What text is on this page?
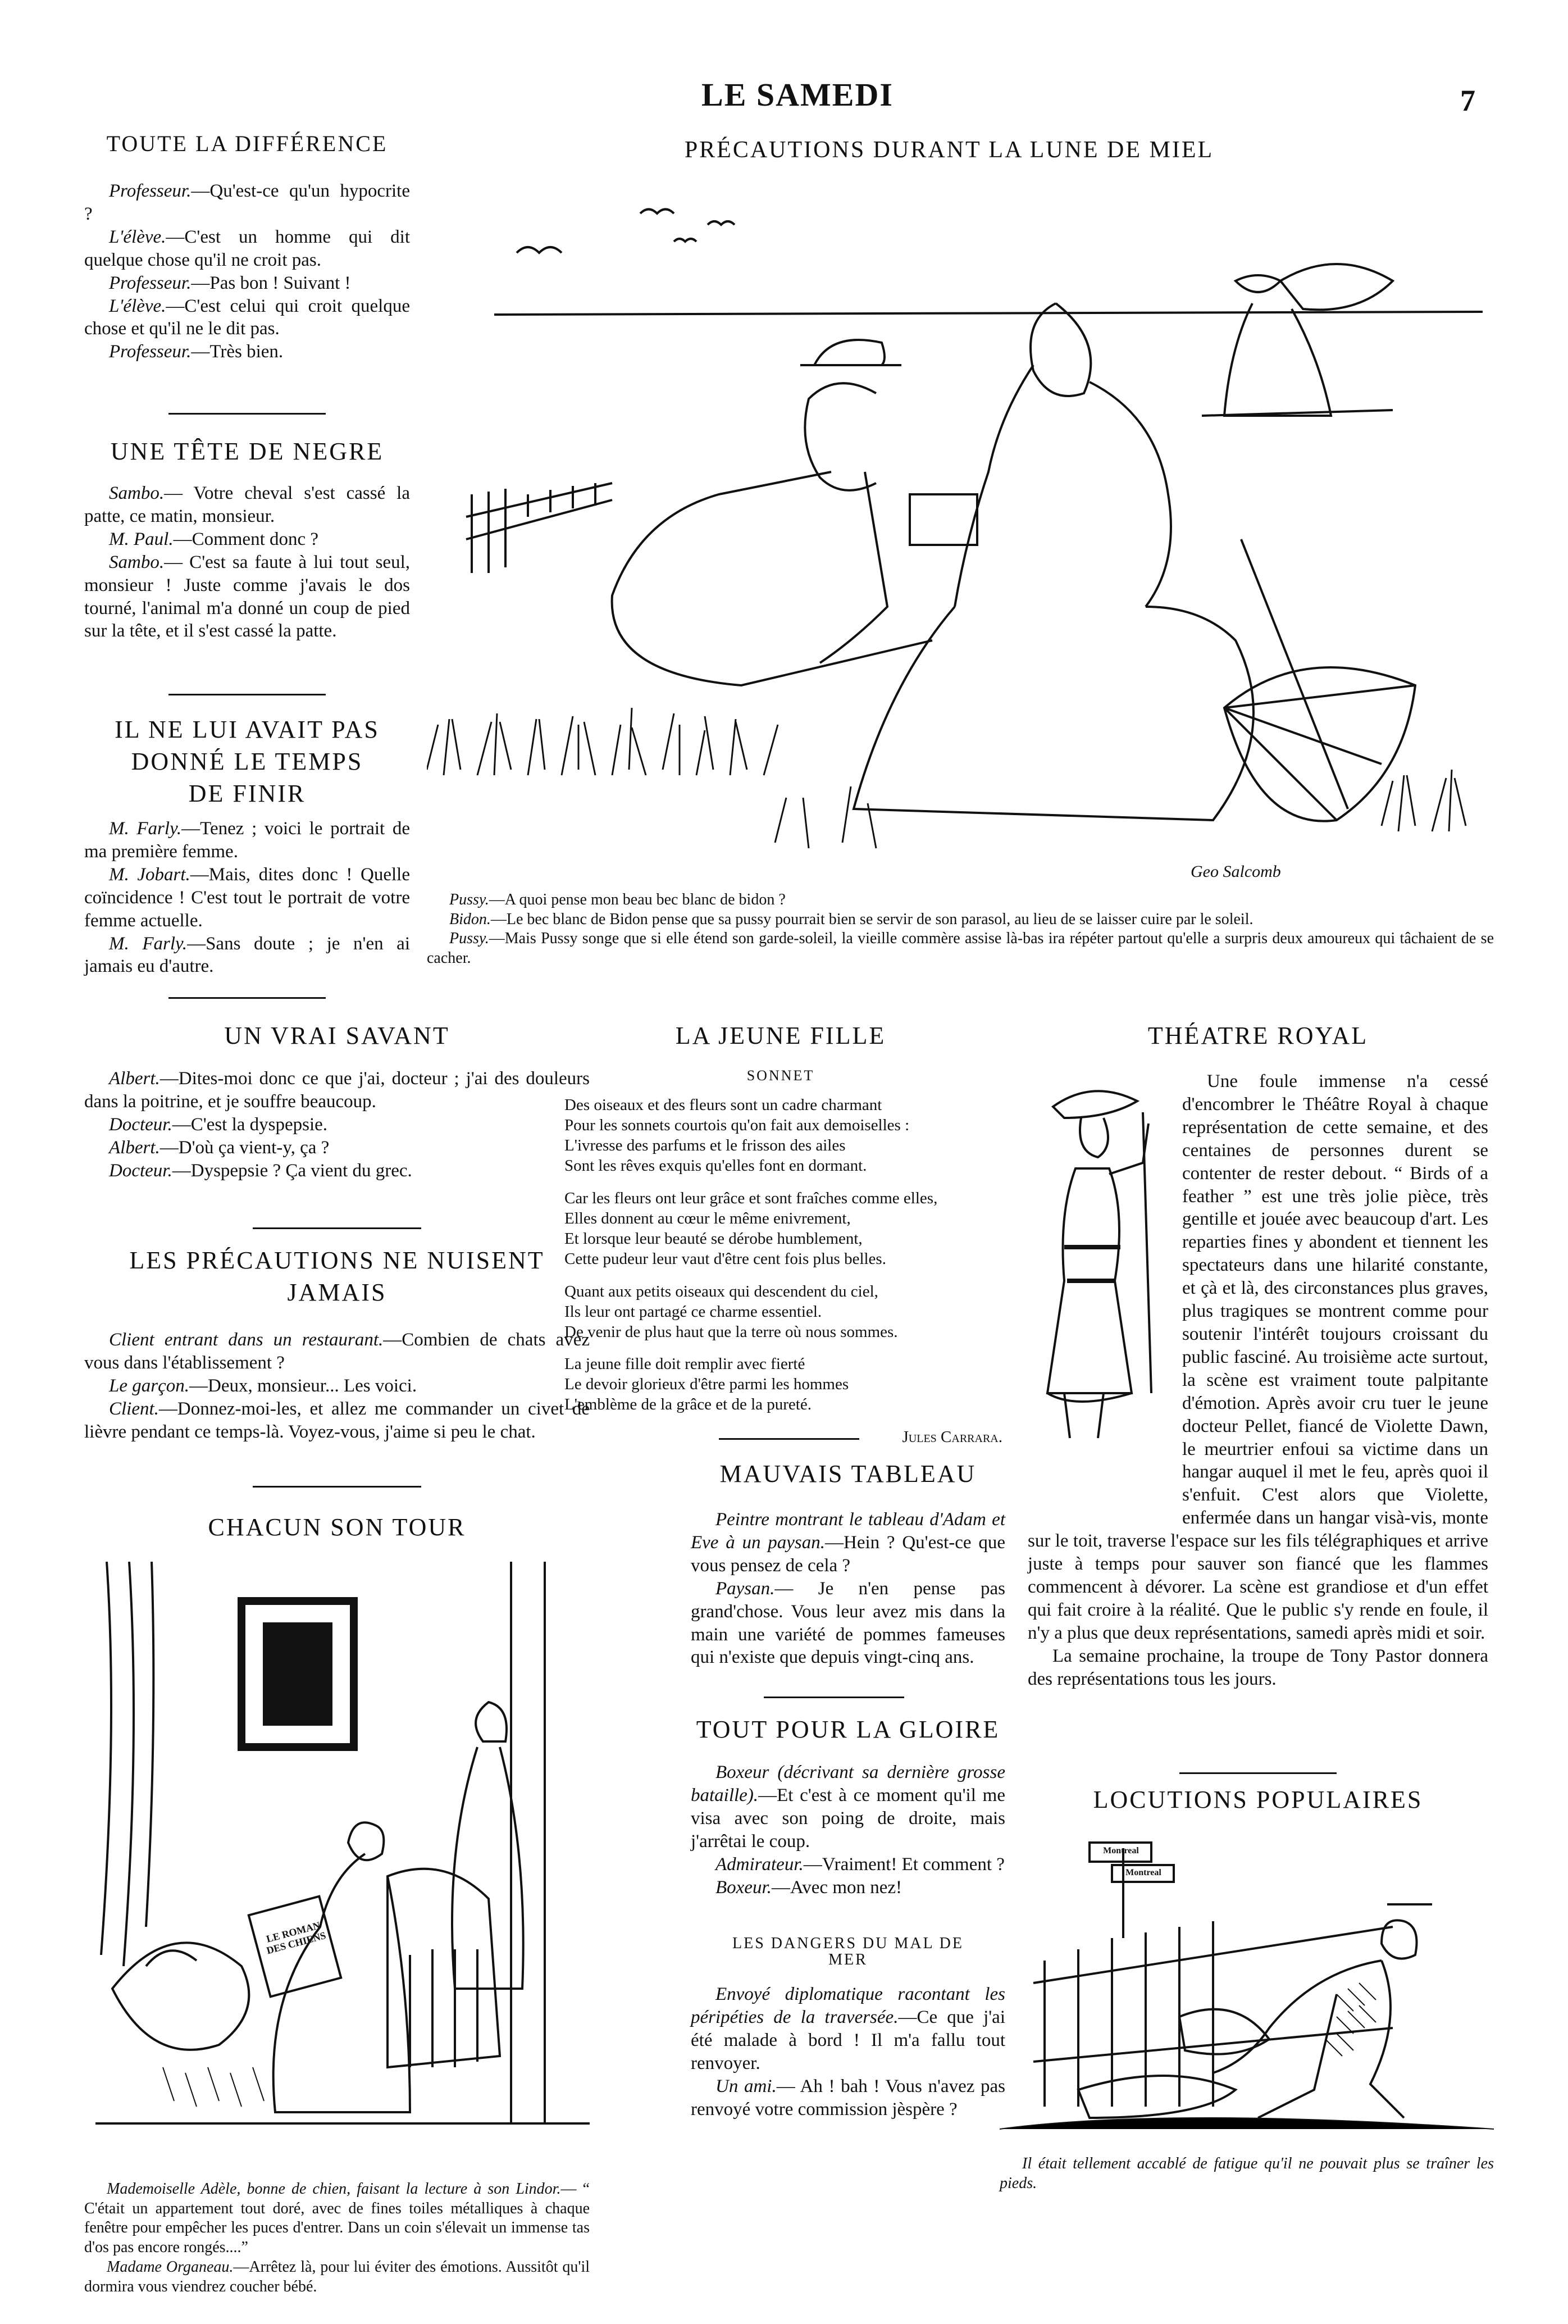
LE SAMEDI	7
TOUTE LA DIFFÉRENCE

Professeur.—Qu'est-ce qu'un hypocrite ?

L'élève.—C'est un homme qui dit quelque chose qu'il ne croit pas.

Professeur.—Pas bon ! Suivant !

L'élève.—C'est celui qui croit quelque chose et qu'il ne le dit pas.

Professeur.—Très bien.

UNE TÊTE DE NEGRE

Sambo.— Votre cheval s'est cassé la patte, ce matin, monsieur.

M. Paul.—Comment donc ?

Sambo.— C'est sa faute à lui tout seul, monsieur ! Juste comme j'avais le dos tourné, l'animal m'a donné un coup de pied sur la tête, et il s'est cassé la patte.

IL NE LUI AVAIT PAS
DONNÉ LE TEMPS
DE FINIR

M. Farly.—Tenez ; voici le portrait de ma première femme.

M. Jobart.—Mais, dites donc ! Quelle coïncidence ! C'est tout le portrait de votre femme actuelle.

M. Farly.—Sans doute ; je n'en ai jamais eu d'autre.

PRÉCAUTIONS DURANT LA LUNE DE MIEL
Geo Salcomb

Pussy.—A quoi pense mon beau bec blanc de bidon ?

Bidon.—Le bec blanc de Bidon pense que sa pussy pourrait bien se servir de son parasol, au lieu de se laisser cuire par le soleil.

Pussy.—Mais Pussy songe que si elle étend son garde-soleil, la vieille commère assise là-bas ira répéter partout qu'elle a surpris deux amoureux qui tâchaient de se cacher.

UN VRAI SAVANT

Albert.—Dites-moi donc ce que j'ai, docteur ; j'ai des douleurs dans la poitrine, et je souffre beaucoup.

Docteur.—C'est la dyspepsie.

Albert.—D'où ça vient-y, ça ?

Docteur.—Dyspepsie ? Ça vient du grec.

LES PRÉCAUTIONS NE NUISENT
JAMAIS

Client entrant dans un restaurant.—Combien de chats avez vous dans l'établissement ?

Le garçon.—Deux, monsieur... Les voici.

Client.—Donnez-moi-les, et allez me commander un civet de lièvre pendant ce temps-là. Voyez-vous, j'aime si peu le chat.

CHACUN SON TOUR
LE ROMAN DES CHIENS

Mademoiselle Adèle, bonne de chien, faisant la lecture à son Lindor.— “ C'était un appartement tout doré, avec de fines toiles métalliques à chaque fenêtre pour empêcher les puces d'entrer. Dans un coin s'élevait un immense tas d'os pas encore rongés....”

Madame Organeau.—Arrêtez là, pour lui éviter des émotions. Aussitôt qu'il dormira vous viendrez coucher bébé.

LA JEUNE FILLE
SONNET

Des oiseaux et des fleurs sont un cadre charmant

Pour les sonnets courtois qu'on fait aux demoiselles :

L'ivresse des parfums et le frisson des ailes

Sont les rêves exquis qu'elles font en dormant.

Car les fleurs ont leur grâce et sont fraîches comme elles,

Elles donnent au cœur le même enivrement,

Et lorsque leur beauté se dérobe humblement,

Cette pudeur leur vaut d'être cent fois plus belles.

Quant aux petits oiseaux qui descendent du ciel,

Ils leur ont partagé ce charme essentiel.

De venir de plus haut que la terre où nous sommes.

La jeune fille doit remplir avec fierté

Le devoir glorieux d'être parmi les hommes

L'emblème de la grâce et de la pureté.

Jules Carrara.
MAUVAIS TABLEAU

Peintre montrant le tableau d'Adam et Eve à un paysan.—Hein ? Qu'est-ce que vous pensez de cela ?

Paysan.— Je n'en pense pas grand'chose. Vous leur avez mis dans la main une variété de pommes fameuses qui n'existe que depuis vingt-cinq ans.

TOUT POUR LA GLOIRE

Boxeur (décrivant sa dernière grosse bataille).—Et c'est à ce moment qu'il me visa avec son poing de droite, mais j'arrêtai le coup.

Admirateur.—Vraiment! Et comment ?

Boxeur.—Avec mon nez!

LES DANGERS DU MAL DE
MER

Envoyé diplomatique racontant les péripéties de la traversée.—Ce que j'ai été malade à bord ! Il m'a fallu tout renvoyer.

Un ami.— Ah ! bah ! Vous n'avez pas renvoyé votre commission jèspère ?

THÉATRE ROYAL

Une foule immense n'a cessé d'encombrer le Théâtre Royal à chaque représentation de cette semaine, et des centaines de personnes durent se contenter de rester debout. “ Birds of a feather ” est une très jolie pièce, très gentille et jouée avec beaucoup d'art. Les reparties fines y abondent et tiennent les spectateurs dans une hilarité constante, et çà et là, des circonstances plus graves, plus tragiques se montrent comme pour soutenir l'intérêt toujours croissant du public fasciné. Au troisième acte surtout, la scène est vraiment toute palpitante d'émotion. Après avoir cru tuer le jeune docteur Pellet, fiancé de Violette Dawn, le meurtrier enfoui sa victime dans un hangar auquel il met le feu, après quoi il s'enfuit. C'est alors que Violette, enfermée dans un hangar visà-vis, monte sur le toit, traverse l'espace sur les fils télégraphiques et arrive juste à temps pour sauver son fiancé que les flammes commencent à dévorer. La scène est grandiose et d'un effet qui fait croire à la réalité. Que le public s'y rende en foule, il n'y a plus que deux représentations, samedi après midi et soir.

La semaine prochaine, la troupe de Tony Pastor donnera des représentations tous les jours.

LOCUTIONS POPULAIRES
Montreal
Montreal

Il était tellement accablé de fatigue qu'il ne pouvait plus se traîner les pieds.
